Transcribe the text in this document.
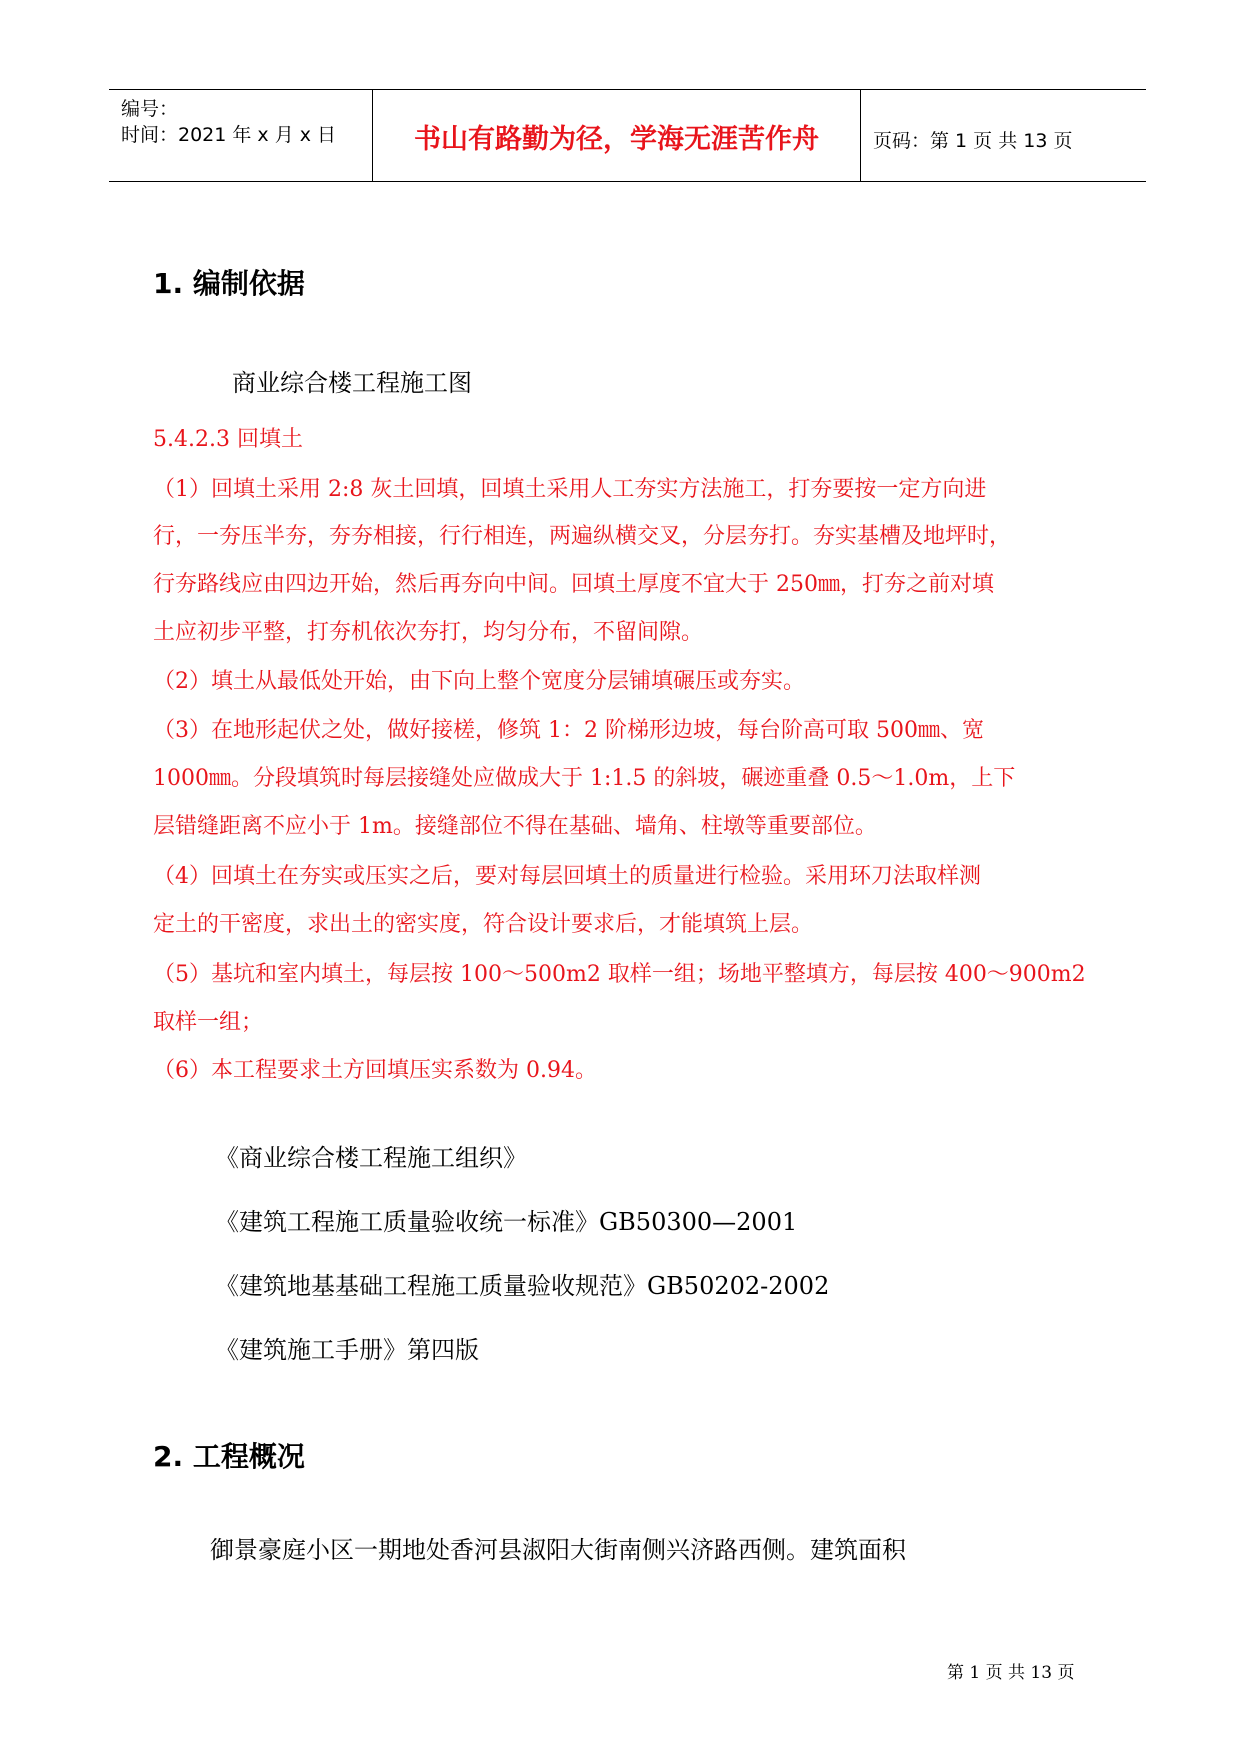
编号：
时间：2021 年 x 月 x 日	书山有路勤为径，学海无涯苦作舟	页码：第 1 页 共 13 页
1. 编制依据
商业综合楼工程施工图
5.4.2.3 回填土
（1）回填土采用 2:8 灰土回填，回填土采用人工夯实方法施工，打夯要按一定方向进
行，一夯压半夯，夯夯相接，行行相连，两遍纵横交叉，分层夯打。夯实基槽及地坪时，
行夯路线应由四边开始，然后再夯向中间。回填土厚度不宜大于 250㎜，打夯之前对填
土应初步平整，打夯机依次夯打，均匀分布，不留间隙。
（2）填土从最低处开始，由下向上整个宽度分层铺填碾压或夯实。
（3）在地形起伏之处，做好接槎，修筑 1：2 阶梯形边坡，每台阶高可取 500㎜、宽
1000㎜。分段填筑时每层接缝处应做成大于 1:1.5 的斜坡，碾迹重叠 0.5～1.0m，上下
层错缝距离不应小于 1m。接缝部位不得在基础、墙角、柱墩等重要部位。
（4）回填土在夯实或压实之后，要对每层回填土的质量进行检验。采用环刀法取样测
定土的干密度，求出土的密实度，符合设计要求后，才能填筑上层。
（5）基坑和室内填土，每层按 100～500m2 取样一组；场地平整填方，每层按 400～900m2
取样一组；
（6）本工程要求土方回填压实系数为 0.94。
《商业综合楼工程施工组织》
《建筑工程施工质量验收统一标准》GB50300—2001
《建筑地基基础工程施工质量验收规范》GB50202-2002
《建筑施工手册》第四版
2. 工程概况
御景豪庭小区一期地处香河县淑阳大街南侧兴济路西侧。建筑面积
第 1 页 共 13 页
